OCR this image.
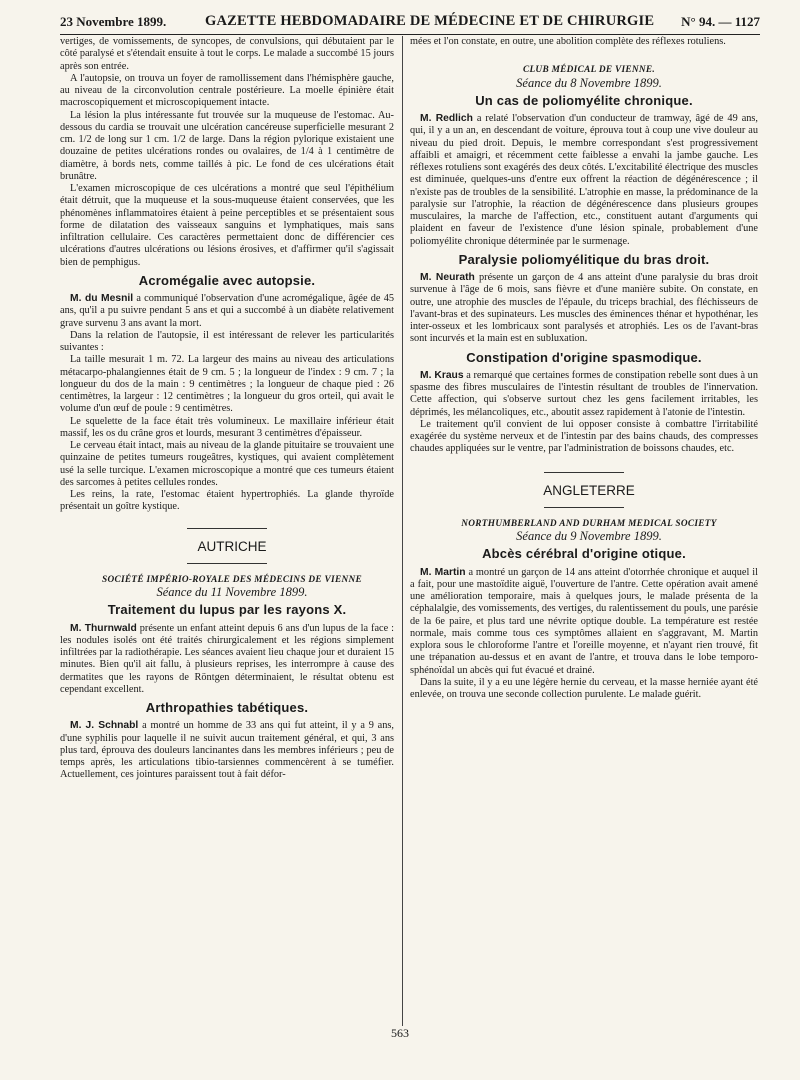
23 Novembre 1899.	GAZETTE HEBDOMADAIRE DE MÉDECINE ET DE CHIRURGIE N° 94. — 1127

vertiges, de vomissements, de syncopes, de convulsions, qui débutaient par le côté paralysé et s'étendait ensuite à tout le corps. Le malade a succombé 15 jours après son entrée.

A l'autopsie, on trouva un foyer de ramollissement dans l'hémisphère gauche, au niveau de la circonvolution centrale postérieure. La moelle épinière était macroscopiquement et microscopiquement intacte.

La lésion la plus intéressante fut trouvée sur la muqueuse de l'estomac. Au-dessous du cardia se trouvait une ulcération cancéreuse superficielle mesurant 2 cm. 1/2 de long sur 1 cm. 1/2 de large. Dans la région pylorique existaient une douzaine de petites ulcérations rondes ou ovalaires, de 1/4 à 1 centimètre de diamètre, à bords nets, comme taillés à pic. Le fond de ces ulcérations était brunâtre.

L'examen microscopique de ces ulcérations a montré que seul l'épithélium était détruit, que la muqueuse et la sous-muqueuse étaient conservées, que les phénomènes inflammatoires étaient à peine perceptibles et se présentaient sous forme de dilatation des vaisseaux sanguins et lymphatiques, mais sans infiltration cellulaire. Ces caractères permettaient donc de différencier ces ulcérations d'autres ulcérations ou lésions érosives, et d'affirmer qu'il s'agissait bien de pemphigus.

Acromégalie avec autopsie.

M. du Mesnil a communiqué l'observation d'une acromégalique, âgée de 45 ans, qu'il a pu suivre pendant 5 ans et qui a succombé à un diabète relativement grave survenu 3 ans avant la mort.

Dans la relation de l'autopsie, il est intéressant de relever les particularités suivantes :

La taille mesurait 1 m. 72. La largeur des mains au niveau des articulations métacarpo-phalangiennes était de 9 cm. 5 ; la longueur de l'index : 9 cm. 7 ; la longueur du dos de la main : 9 centimètres ; la longueur de chaque pied : 26 centimètres, la largeur : 12 centimètres ; la longueur du gros orteil, qui avait le volume d'un œuf de poule : 9 centimètres.

Le squelette de la face était très volumineux. Le maxillaire inférieur était massif, les os du crâne gros et lourds, mesurant 3 centimètres d'épaisseur.

Le cerveau était intact, mais au niveau de la glande pituitaire se trouvaient une quinzaine de petites tumeurs rougeâtres, kystiques, qui avaient complètement usé la selle turcique. L'examen microscopique a montré que ces tumeurs étaient des sarcomes à petites cellules rondes.

Les reins, la rate, l'estomac étaient hypertrophiés. La glande thyroïde présentait un goître kystique.

AUTRICHE

SOCIÉTÉ IMPÉRIO-ROYALE DES MÉDECINS DE VIENNE

Séance du 11 Novembre 1899.

Traitement du lupus par les rayons X.

M. Thurnwald présente un enfant atteint depuis 6 ans d'un lupus de la face : les nodules isolés ont été traités chirurgicalement et les régions simplement infiltrées par la radiothérapie. Les séances avaient lieu chaque jour et duraient 15 minutes. Bien qu'il ait fallu, à plusieurs reprises, les interrompre à cause des dermatites que les rayons de Röntgen déterminaient, le résultat obtenu est cependant excellent.

Arthropathies tabétiques.

M. J. Schnabl a montré un homme de 33 ans qui fut atteint, il y a 9 ans, d'une syphilis pour laquelle il ne suivit aucun traitement général, et qui, 3 ans plus tard, éprouva des douleurs lancinantes dans les membres inférieurs ; peu de temps après, les articulations tibio-tarsiennes commencèrent à se tuméfier. Actuellement, ces jointures paraissent tout à fait défor-

mées et l'on constate, en outre, une abolition complète des réflexes rotuliens.

CLUB MÉDICAL DE VIENNE.

Séance du 8 Novembre 1899.

Un cas de poliomyélite chronique.

M. Redlich a relaté l'observation d'un conducteur de tramway, âgé de 49 ans, qui, il y a un an, en descendant de voiture, éprouva tout à coup une vive douleur au niveau du pied droit. Depuis, le membre correspondant s'est progressivement affaibli et amaigri, et récemment cette faiblesse a envahi la jambe gauche. Les réflexes rotuliens sont exagérés des deux côtés. L'excitabilité électrique des muscles est diminuée, quelques-uns d'entre eux offrent la réaction de dégénérescence ; il n'existe pas de troubles de la sensibilité. L'atrophie en masse, la prédominance de la paralysie sur l'atrophie, la réaction de dégénérescence dans plusieurs groupes musculaires, la marche de l'affection, etc., constituent autant d'arguments qui plaident en faveur de l'existence d'une lésion spinale, probablement d'une poliomyélite chronique déterminée par le surmenage.

Paralysie poliomyélitique du bras droit.

M. Neurath présente un garçon de 4 ans atteint d'une paralysie du bras droit survenue à l'âge de 6 mois, sans fièvre et d'une manière subite. On constate, en outre, une atrophie des muscles de l'épaule, du triceps brachial, des fléchisseurs de l'avant-bras et des supinateurs. Les muscles des éminences thénar et hypothénar, les inter-osseux et les lombricaux sont paralysés et atrophiés. Les os de l'avant-bras sont incurvés et la main est en subluxation.

Constipation d'origine spasmodique.

M. Kraus a remarqué que certaines formes de constipation rebelle sont dues à un spasme des fibres musculaires de l'intestin résultant de troubles de l'innervation. Cette affection, qui s'observe surtout chez les gens facilement irritables, les déprimés, les mélancoliques, etc., aboutit assez rapidement à l'atonie de l'intestin.

Le traitement qu'il convient de lui opposer consiste à combattre l'irritabilité exagérée du système nerveux et de l'intestin par des bains chauds, des compresses chaudes appliquées sur le ventre, par l'administration de boissons chaudes, etc.

ANGLETERRE

NORTHUMBERLAND AND DURHAM MEDICAL SOCIETY

Séance du 9 Novembre 1899.

Abcès cérébral d'origine otique.

M. Martin a montré un garçon de 14 ans atteint d'otorrhée chronique et auquel il a fait, pour une mastoïdite aiguë, l'ouverture de l'antre. Cette opération avait amené une amélioration temporaire, mais à quelques jours, le malade présenta de la céphalalgie, des vomissements, des vertiges, du ralentissement du pouls, une parésie de la 6e paire, et plus tard une névrite optique double. La température est restée normale, mais comme tous ces symptômes allaient en s'aggravant, M. Martin explora sous le chloroforme l'antre et l'oreille moyenne, et n'ayant rien trouvé, fit une trépanation au-dessus et en avant de l'antre, et trouva dans le lobe temporo-sphénoïdal un abcès qui fut évacué et drainé.

Dans la suite, il y a eu une légère hernie du cerveau, et la masse herniée ayant été enlevée, on trouva une seconde collection purulente. Le malade guérit.

563
